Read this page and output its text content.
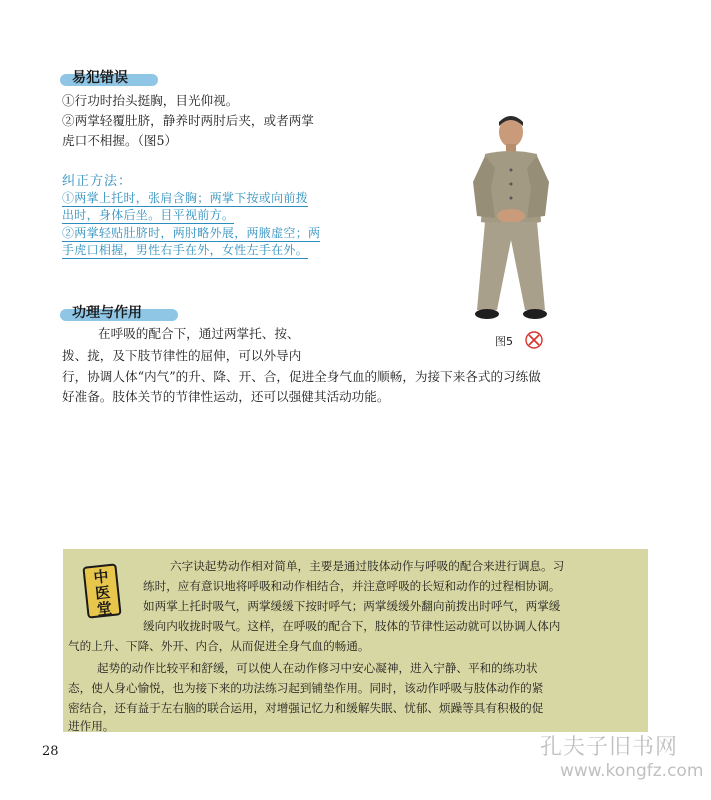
易犯错误
①行功时抬头挺胸，目光仰视。
②两掌轻覆肚脐，静养时两肘后夹，或者两掌
虎口不相握。（图5）
纠正方法：
①两掌上托时，张肩含胸；两掌下按或向前拨
出时，身体后坐。目平视前方。
②两掌轻贴肚脐时，两肘略外展，两腋虚空；两
手虎口相握，男性右手在外，女性左手在外。
图5
功理与作用
在呼吸的配合下，通过两掌托、按、
拨、拢，及下肢节律性的屈伸，可以外导内
行，协调人体“内气”的升、降、开、合，促进全身气血的顺畅，为接下来各式的习练做
好准备。肢体关节的节律性运动，还可以强健其活动功能。
中医堂
六字诀起势动作相对简单，主要是通过肢体动作与呼吸的配合来进行调息。习
练时，应有意识地将呼吸和动作相结合，并注意呼吸的长短和动作的过程相协调。
如两掌上托时吸气，两掌缓缓下按时呼气；两掌缓缓外翻向前拨出时呼气，两掌缓
缓向内收拢时吸气。这样，在呼吸的配合下，肢体的节律性运动就可以协调人体内
气的上升、下降、外开、内合，从而促进全身气血的畅通。
起势的动作比较平和舒缓，可以使人在动作修习中安心凝神，进入宁静、平和的练功状
态，使人身心愉悦，也为接下来的功法练习起到铺垫作用。同时，该动作呼吸与肢体动作的紧
密结合，还有益于左右脑的联合运用，对增强记忆力和缓解失眠、忧郁、烦躁等具有积极的促
进作用。
28	孔夫子旧书网
www.kongfz.com
